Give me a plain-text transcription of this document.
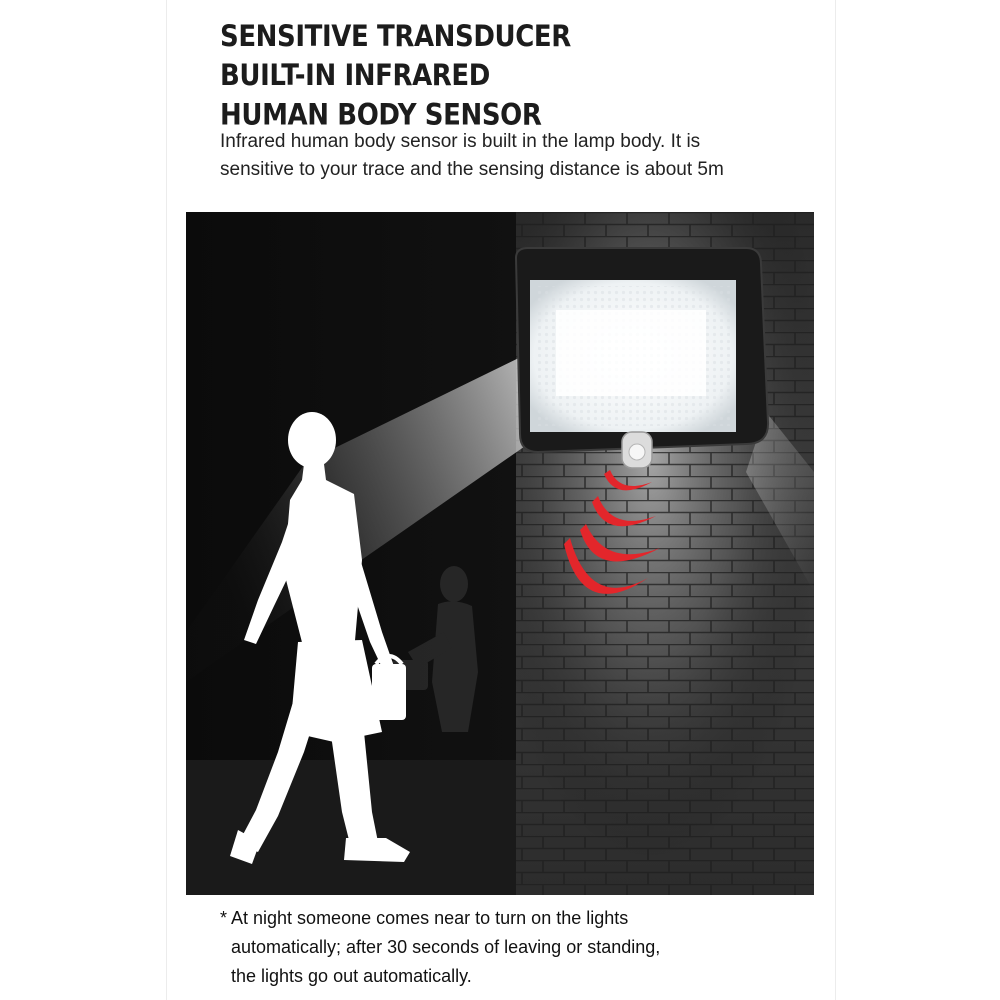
SENSITIVE TRANSDUCER
BUILT-IN INFRARED
HUMAN BODY SENSOR
Infrared human body sensor is built in the lamp body. It is
sensitive to your trace and the sensing distance is about 5m
* At night someone comes near to turn on the lights
automatically; after 30 seconds of leaving or standing,
the lights go out automatically.
